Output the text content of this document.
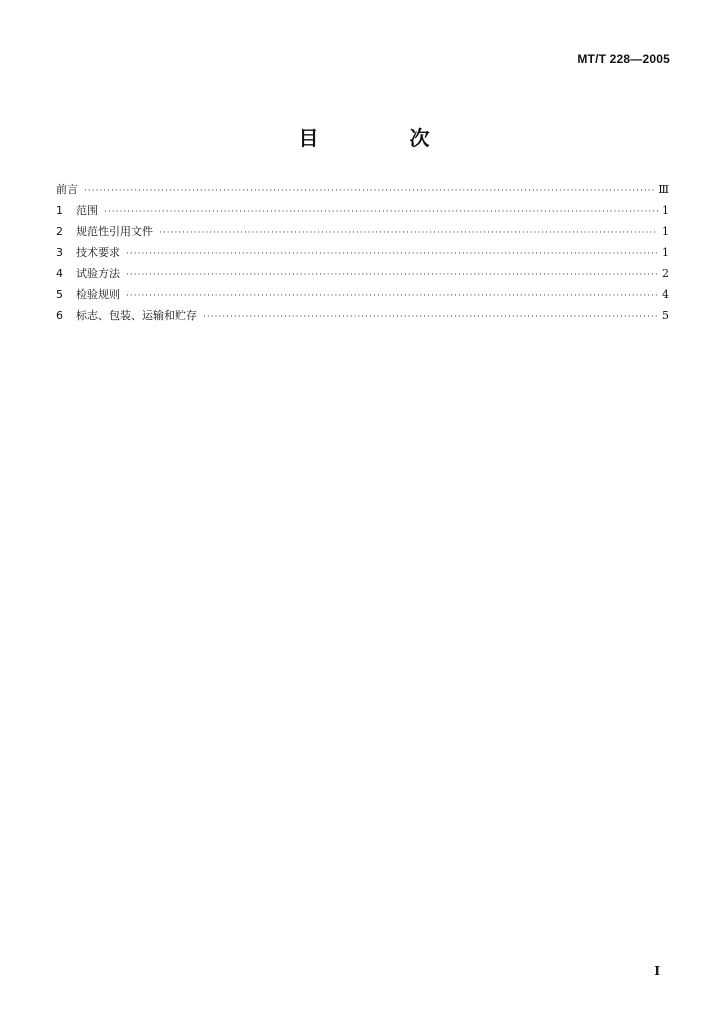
MT/T 228—2005
目 次
前言 ·····	Ⅲ
1	范围 ·····	1
2	规范性引用文件 ·····	1
3	技术要求 ·····	1
4	试验方法 ·····	2
5	检验规则 ·····	4
6	标志、包装、运输和贮存 ·····	5
I
